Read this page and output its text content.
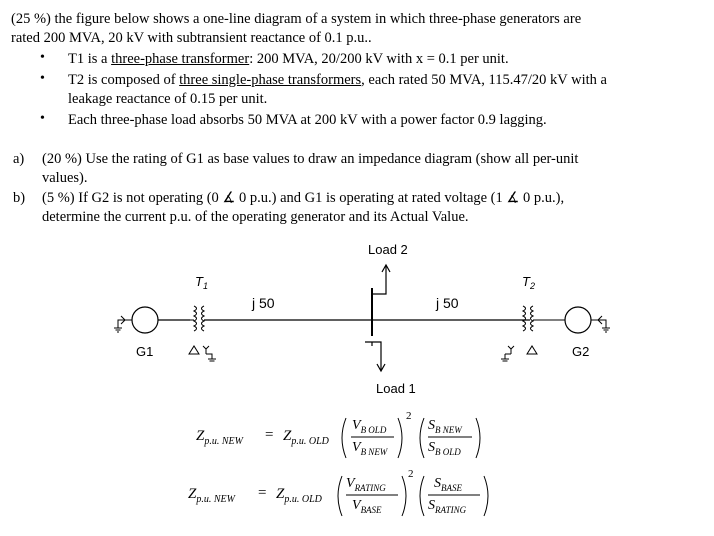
(25 %) the figure below shows a one-line diagram of a system in which three-phase generators are
rated 200 MVA, 20 kV with subtransient reactance of 0.1 p.u..
• T1 is a three-phase transformer: 200 MVA, 20/200 kV with x = 0.1 per unit.
• T2 is composed of three single-phase transformers, each rated 50 MVA, 115.47/20 kV with a
leakage reactance of 0.15 per unit.
• Each three-phase load absorbs 50 MVA at 200 kV with a power factor 0.9 lagging.
a) (20 %) Use the rating of G1 as base values to draw an impedance diagram (show all per-unit
values).
b) (5 %) If G2 is not operating (0 ∡ 0 p.u.) and G1 is operating at rated voltage (1 ∡ 0 p.u.),
determine the current p.u. of the operating generator and its Actual Value.
Load 2
Load 1
j 50	j 50
G1	G2
$T_1$	$T_2$
$Z_{p.u. NEW} = Z_{p.u. OLD}$
$V_{B OLD}$
$V_{B NEW}$
2
$S_{B NEW}$
$S_{B OLD}$
$Z_{p.u. NEW} = Z_{p.u. OLD}$
$V_{RATING}$
$V_{BASE}$
2
$S_{BASE}$
$S_{RATING}$
